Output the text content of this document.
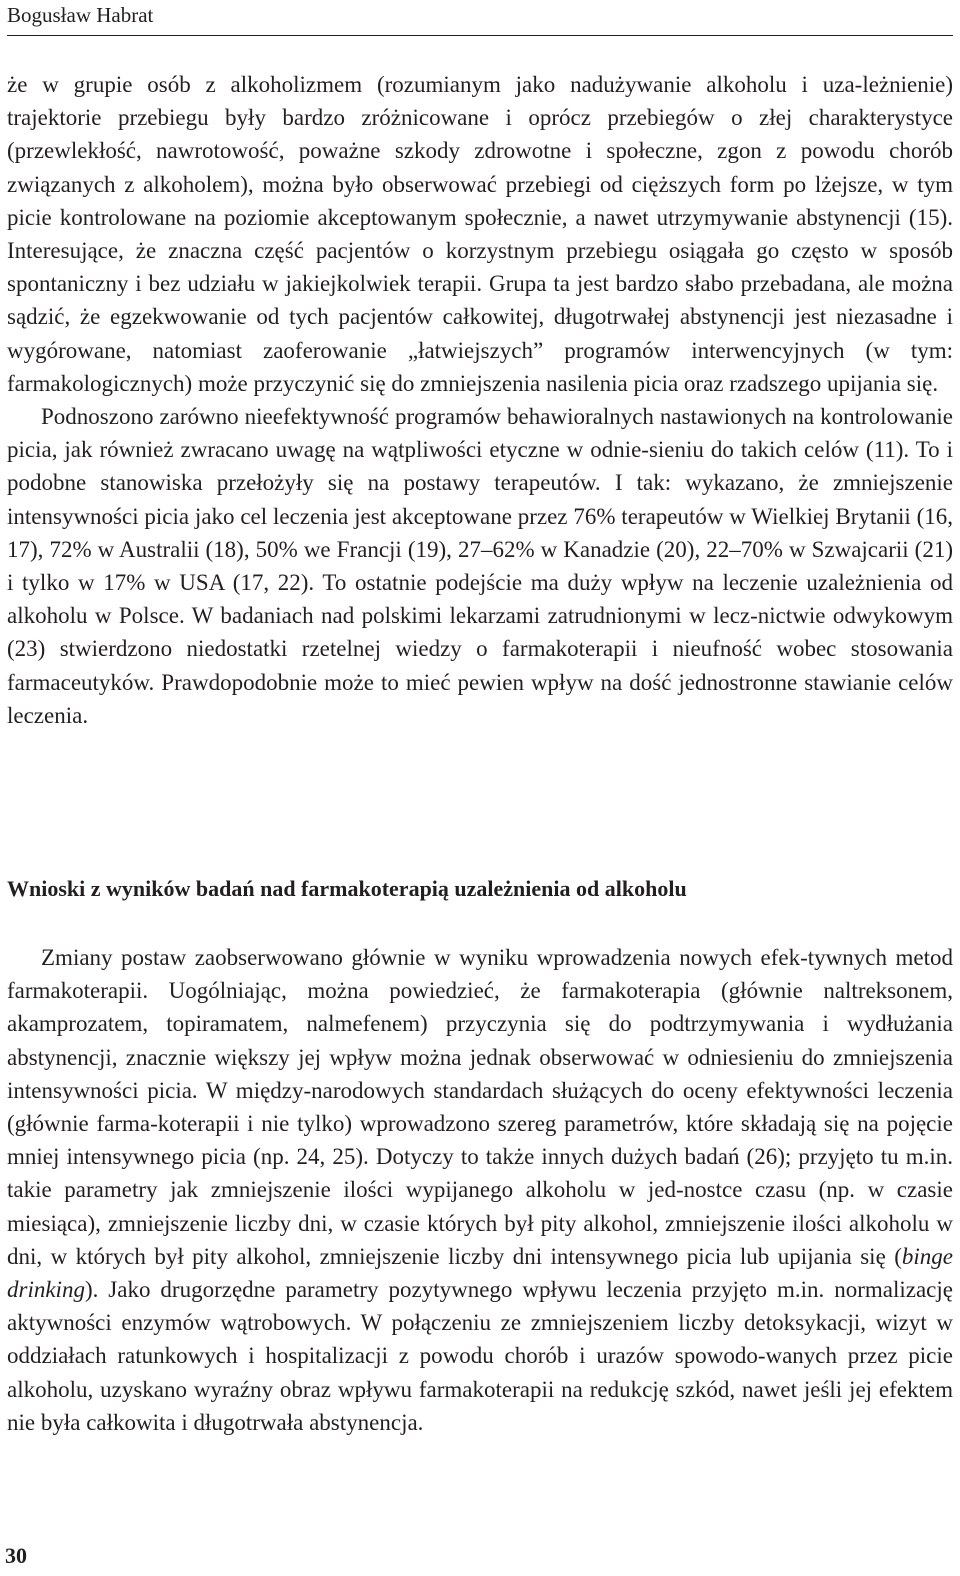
Bogusław Habrat

że w grupie osób z alkoholizmem (rozumianym jako nadużywanie alkoholu i uza-leżnienie) trajektorie przebiegu były bardzo zróżnicowane i oprócz przebiegów o złej charakterystyce (przewlekłość, nawrotowość, poważne szkody zdrowotne i społeczne, zgon z powodu chorób związanych z alkoholem), można było obserwować przebiegi od cięższych form po lżejsze, w tym picie kontrolowane na poziomie akceptowanym społecznie, a nawet utrzymywanie abstynencji (15). Interesujące, że znaczna część pacjentów o korzystnym przebiegu osiągała go często w sposób spontaniczny i bez udziału w jakiejkolwiek terapii. Grupa ta jest bardzo słabo przebadana, ale można sądzić, że egzekwowanie od tych pacjentów całkowitej, długotrwałej abstynencji jest niezasadne i wygórowane, natomiast zaoferowanie „łatwiejszych” programów interwencyjnych (w tym: farmakologicznych) może przyczynić się do zmniejszenia nasilenia picia oraz rzadszego upijania się.

Podnoszono zarówno nieefektywność programów behawioralnych nastawionych na kontrolowanie picia, jak również zwracano uwagę na wątpliwości etyczne w odnie-sieniu do takich celów (11). To i podobne stanowiska przełożyły się na postawy terapeutów. I tak: wykazano, że zmniejszenie intensywności picia jako cel leczenia jest akceptowane przez 76% terapeutów w Wielkiej Brytanii (16, 17), 72% w Australii (18), 50% we Francji (19), 27–62% w Kanadzie (20), 22–70% w Szwajcarii (21) i tylko w 17% w USA (17, 22). To ostatnie podejście ma duży wpływ na leczenie uzależnienia od alkoholu w Polsce. W badaniach nad polskimi lekarzami zatrudnionymi w lecz-nictwie odwykowym (23) stwierdzono niedostatki rzetelnej wiedzy o farmakoterapii i nieufność wobec stosowania farmaceutyków. Prawdopodobnie może to mieć pewien wpływ na dość jednostronne stawianie celów leczenia.

Wnioski z wyników badań nad farmakoterapią uzależnienia od alkoholu

Zmiany postaw zaobserwowano głównie w wyniku wprowadzenia nowych efek-tywnych metod farmakoterapii. Uogólniając, można powiedzieć, że farmakoterapia (głównie naltreksonem, akamprozatem, topiramatem, nalmefenem) przyczynia się do podtrzymywania i wydłużania abstynencji, znacznie większy jej wpływ można jednak obserwować w odniesieniu do zmniejszenia intensywności picia. W między-narodowych standardach służących do oceny efektywności leczenia (głównie farma-koterapii i nie tylko) wprowadzono szereg parametrów, które składają się na pojęcie mniej intensywnego picia (np. 24, 25). Dotyczy to także innych dużych badań (26); przyjęto tu m.in. takie parametry jak zmniejszenie ilości wypijanego alkoholu w jed-nostce czasu (np. w czasie miesiąca), zmniejszenie liczby dni, w czasie których był pity alkohol, zmniejszenie ilości alkoholu w dni, w których był pity alkohol, zmniejszenie liczby dni intensywnego picia lub upijania się (binge drinking). Jako drugorzędne parametry pozytywnego wpływu leczenia przyjęto m.in. normalizację aktywności enzymów wątrobowych. W połączeniu ze zmniejszeniem liczby detoksykacji, wizyt w oddziałach ratunkowych i hospitalizacji z powodu chorób i urazów spowodo-wanych przez picie alkoholu, uzyskano wyraźny obraz wpływu farmakoterapii na redukcję szkód, nawet jeśli jej efektem nie była całkowita i długotrwała abstynencja.

30
